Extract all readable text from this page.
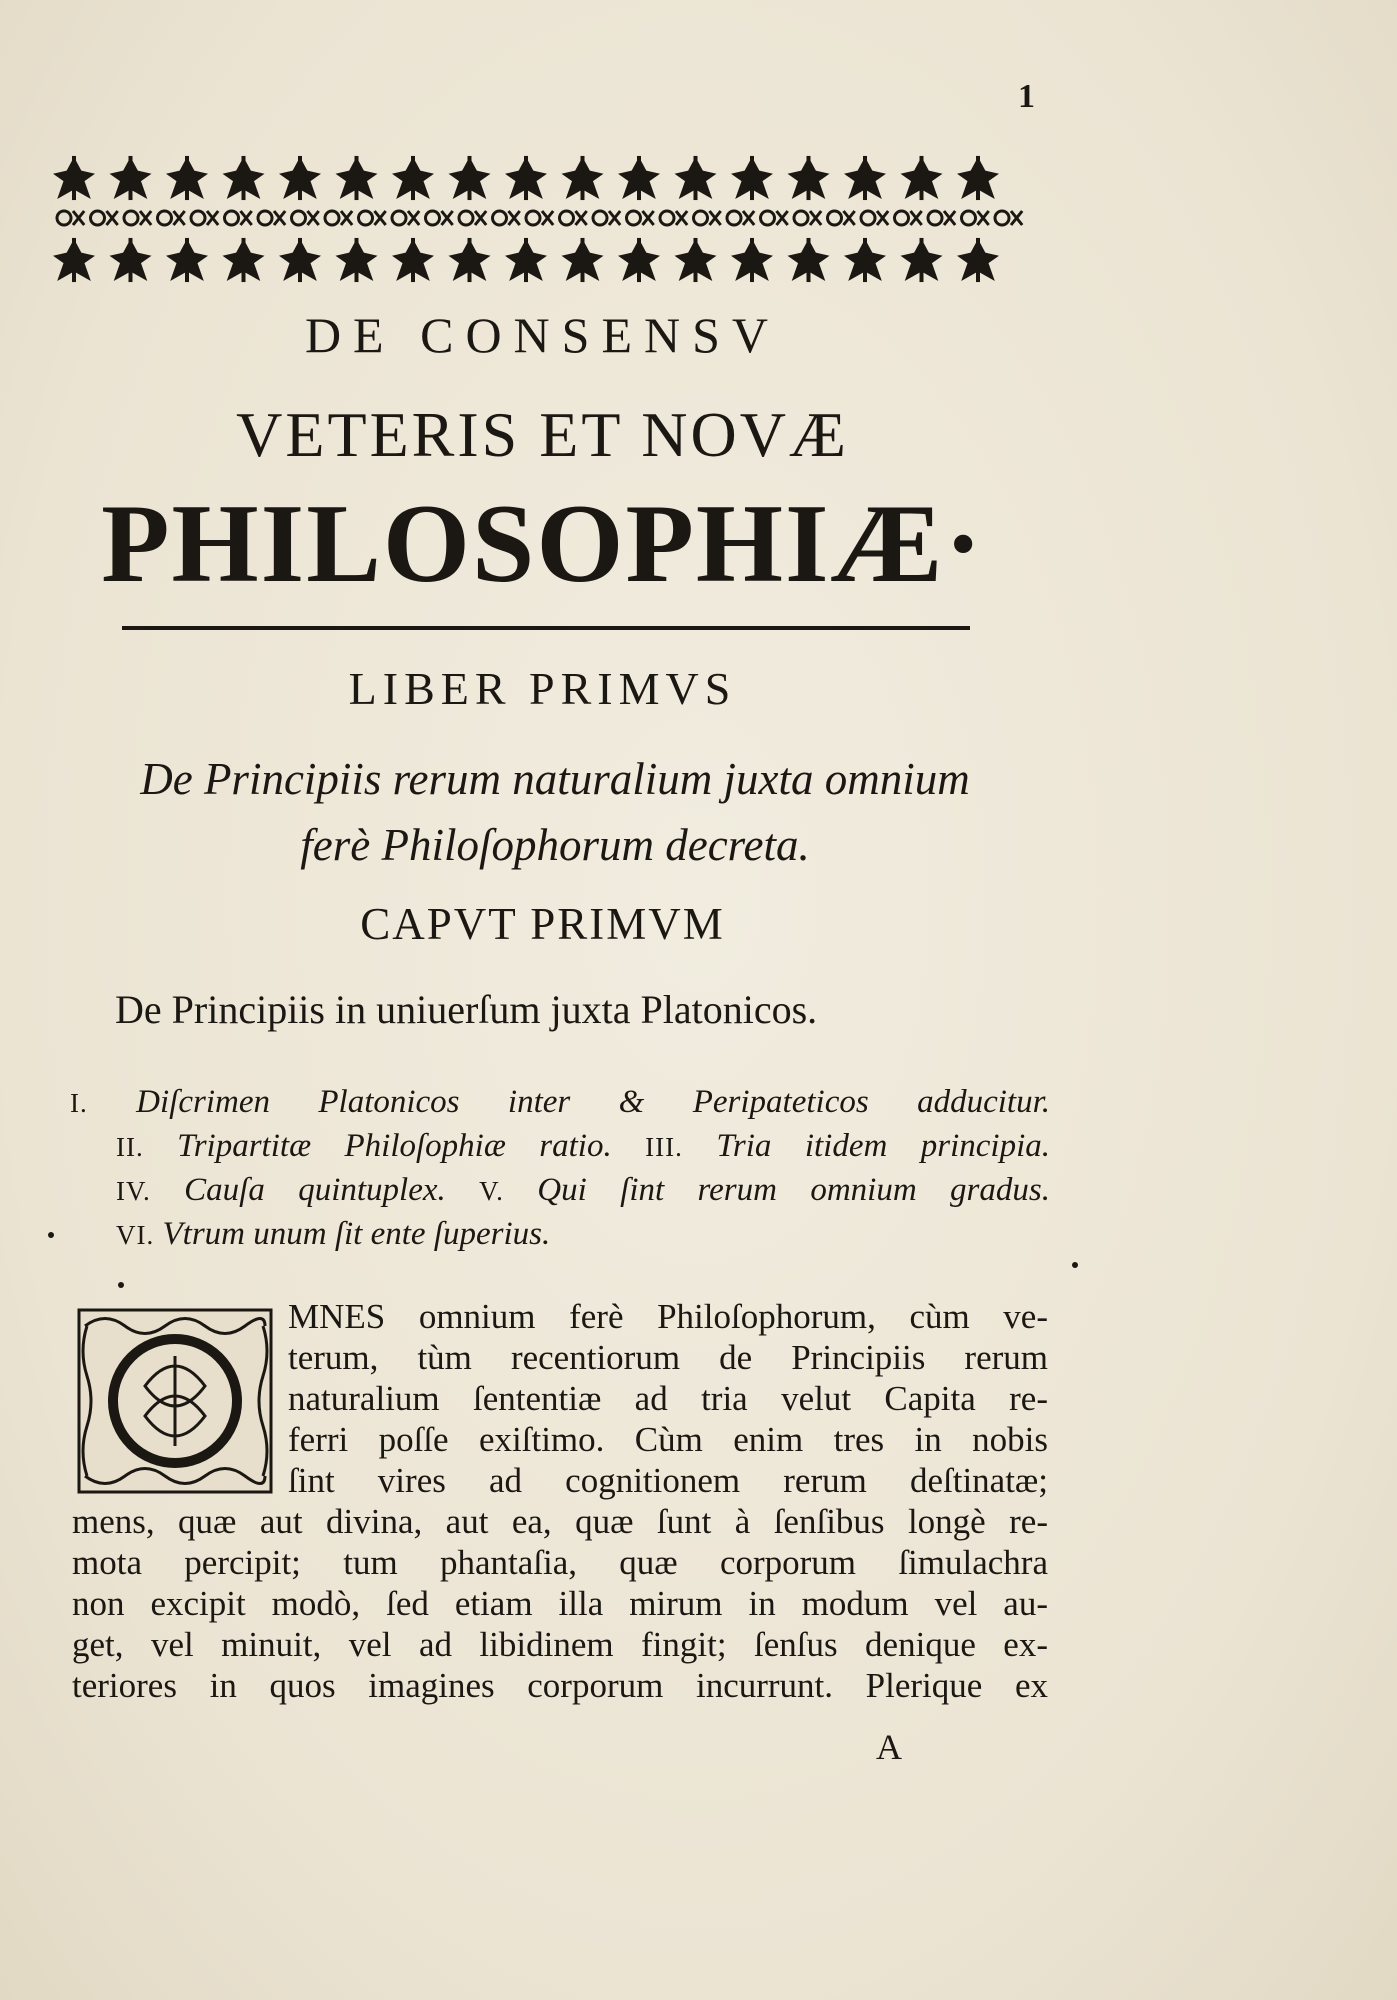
1
DE CONSENSV
VETERIS ET NOVÆ
PHILOSOPHIÆ·
LIBER PRIMVS
De Principiis rerum naturalium juxta omnium
ferè Philoſophorum decreta.
CAPVT PRIMVM
De Principiis in uniuerſum juxta Platonicos.
I. Diſcrimen Platonicos inter & Peripateticos adducitur.
II. Tripartitæ Philoſophiæ ratio. III. Tria itidem principia.
IV. Cauſa quintuplex. V. Qui ſint rerum omnium gradus.
VI. Vtrum unum ſit ente ſuperius.
MNES omnium ferè Philoſophorum, cùm ve-
terum, tùm recentiorum de Principiis rerum
naturalium ſententiæ ad tria velut Capita re-
ferri poſſe exiſtimo. Cùm enim tres in nobis
ſint vires ad cognitionem rerum deſtinatæ;
mens, quæ aut divina, aut ea, quæ ſunt à ſenſibus longè re-
mota percipit; tum phantaſia, quæ corporum ſimulachra
non excipit modò, ſed etiam illa mirum in modum vel au-
get, vel minuit, vel ad libidinem fingit; ſenſus denique ex-
teriores in quos imagines corporum incurrunt. Plerique ex
A
